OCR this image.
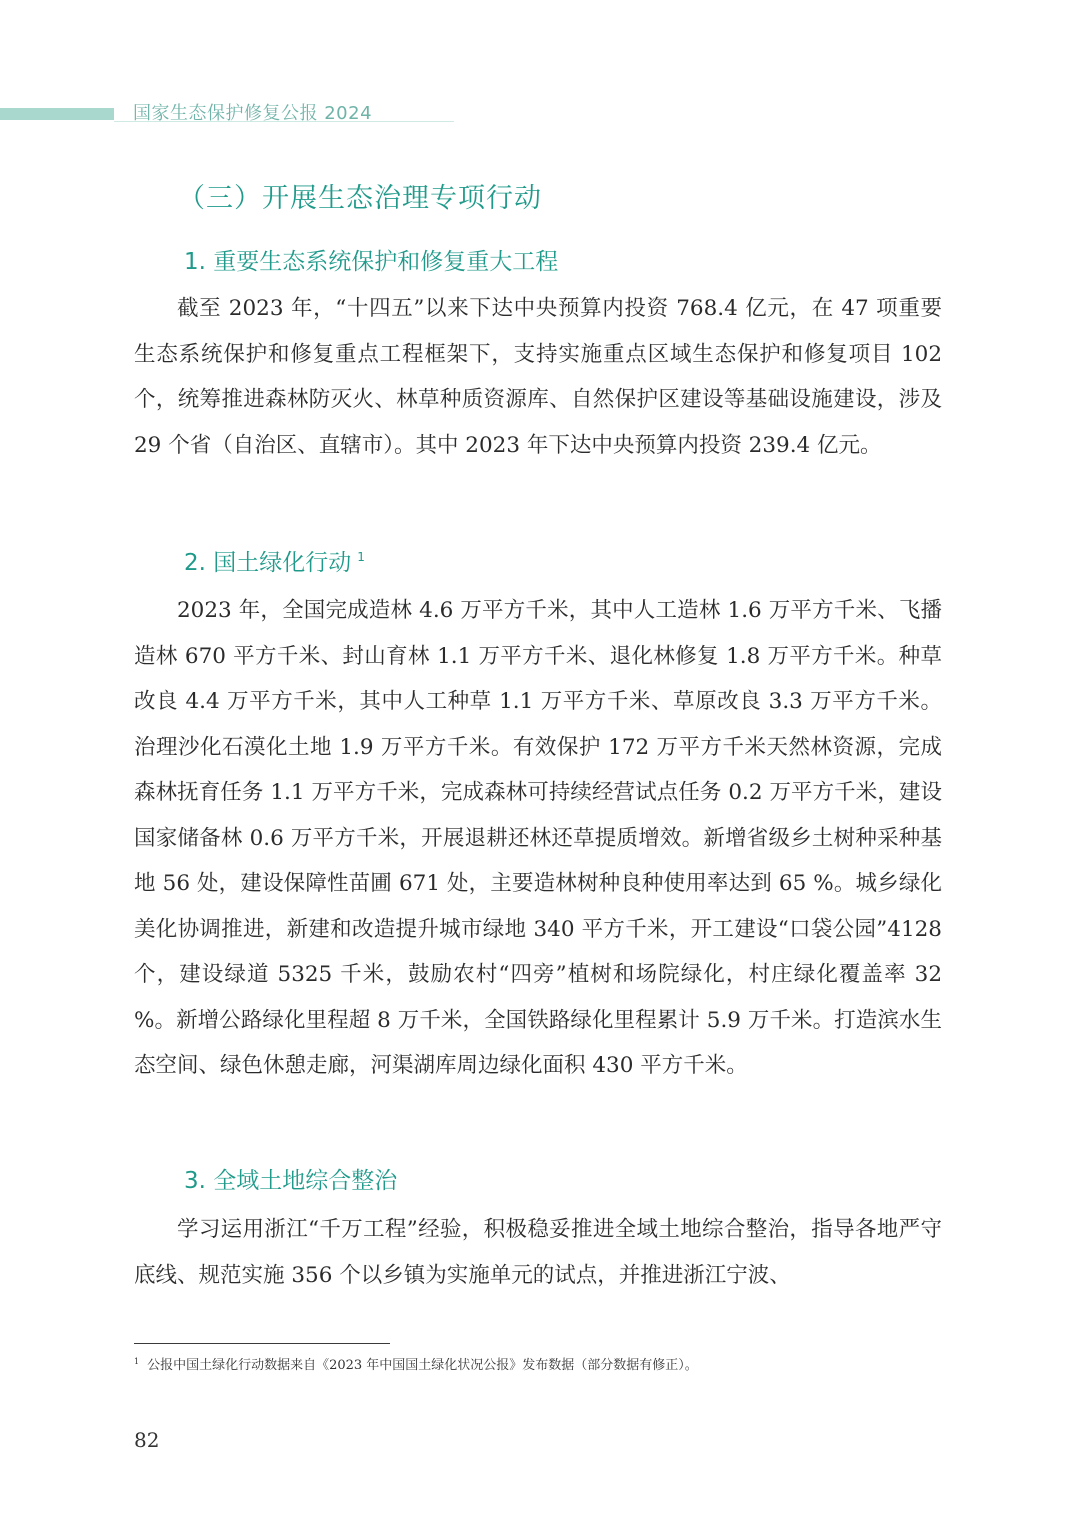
国家生态保护修复公报 2024
（三）开展生态治理专项行动
1. 重要生态系统保护和修复重大工程
截至 2023 年，“十四五”以来下达中央预算内投资 768.4 亿元，在 47 项重要生态系统保护和修复重点工程框架下，支持实施重点区域生态保护和修复项目 102 个，统筹推进森林防灭火、林草种质资源库、自然保护区建设等基础设施建设，涉及 29 个省（自治区、直辖市）。其中 2023 年下达中央预算内投资 239.4 亿元。
2. 国土绿化行动 $^1$
2023 年，全国完成造林 4.6 万平方千米，其中人工造林 1.6 万平方千米、飞播造林 670 平方千米、封山育林 1.1 万平方千米、退化林修复 1.8 万平方千米。种草改良 4.4 万平方千米，其中人工种草 1.1 万平方千米、草原改良 3.3 万平方千米。治理沙化石漠化土地 1.9 万平方千米。有效保护 172 万平方千米天然林资源，完成森林抚育任务 1.1 万平方千米，完成森林可持续经营试点任务 0.2 万平方千米，建设国家储备林 0.6 万平方千米，开展退耕还林还草提质增效。新增省级乡土树种采种基地 56 处，建设保障性苗圃 671 处，主要造林树种良种使用率达到 65 %。城乡绿化美化协调推进，新建和改造提升城市绿地 340 平方千米，开工建设“口袋公园”4128 个，建设绿道 5325 千米，鼓励农村“四旁”植树和场院绿化，村庄绿化覆盖率 32 %。新增公路绿化里程超 8 万千米，全国铁路绿化里程累计 5.9 万千米。打造滨水生态空间、绿色休憩走廊，河渠湖库周边绿化面积 430 平方千米。
3. 全域土地综合整治
学习运用浙江“千万工程”经验，积极稳妥推进全域土地综合整治，指导各地严守底线、规范实施 356 个以乡镇为实施单元的试点，并推进浙江宁波、
$^1$ 公报中国土绿化行动数据来自《2023 年中国国土绿化状况公报》发布数据（部分数据有修正）。
82
